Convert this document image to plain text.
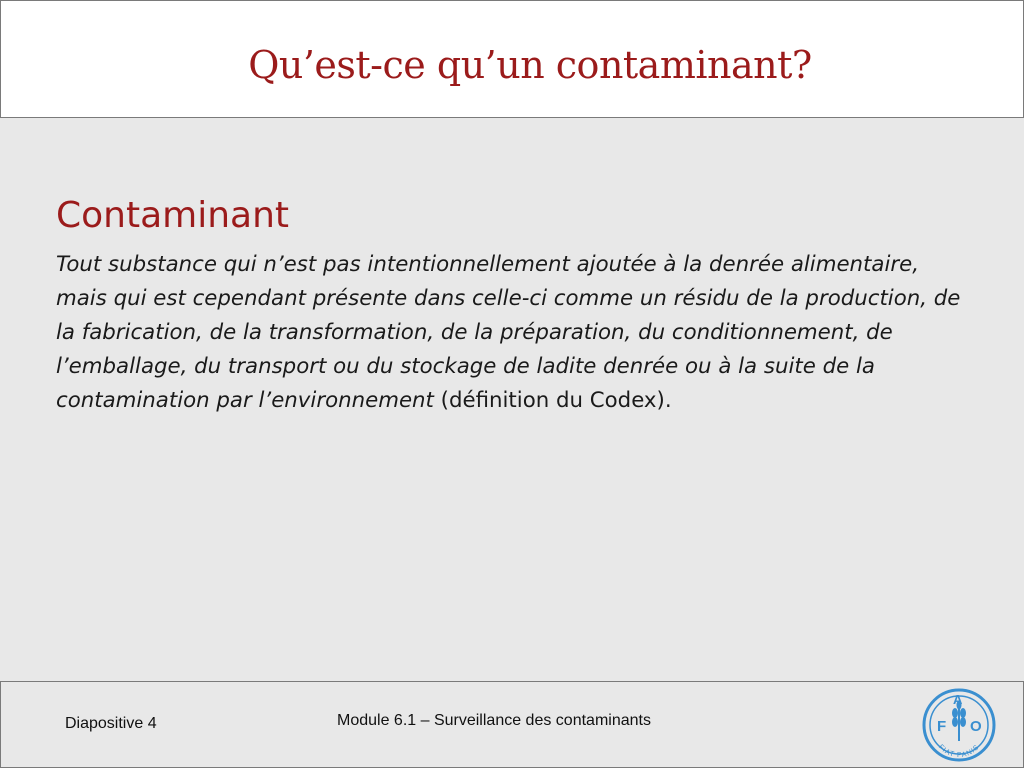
Qu’est-ce qu’un contaminant?
Contaminant

Tout substance qui n’est pas intentionnellement ajoutée à la denrée alimentaire, mais qui est cependant présente dans celle-ci comme un résidu de la production, de la fabrication, de la transformation, de la préparation, du conditionnement, de l’emballage, du transport ou du stockage de ladite denrée ou à la suite de la contamination par l’environnement (définition du Codex).

Diapositive 4	Module 6.1 – Surveillance des contaminants	F
A
O
FIAT PANIS
